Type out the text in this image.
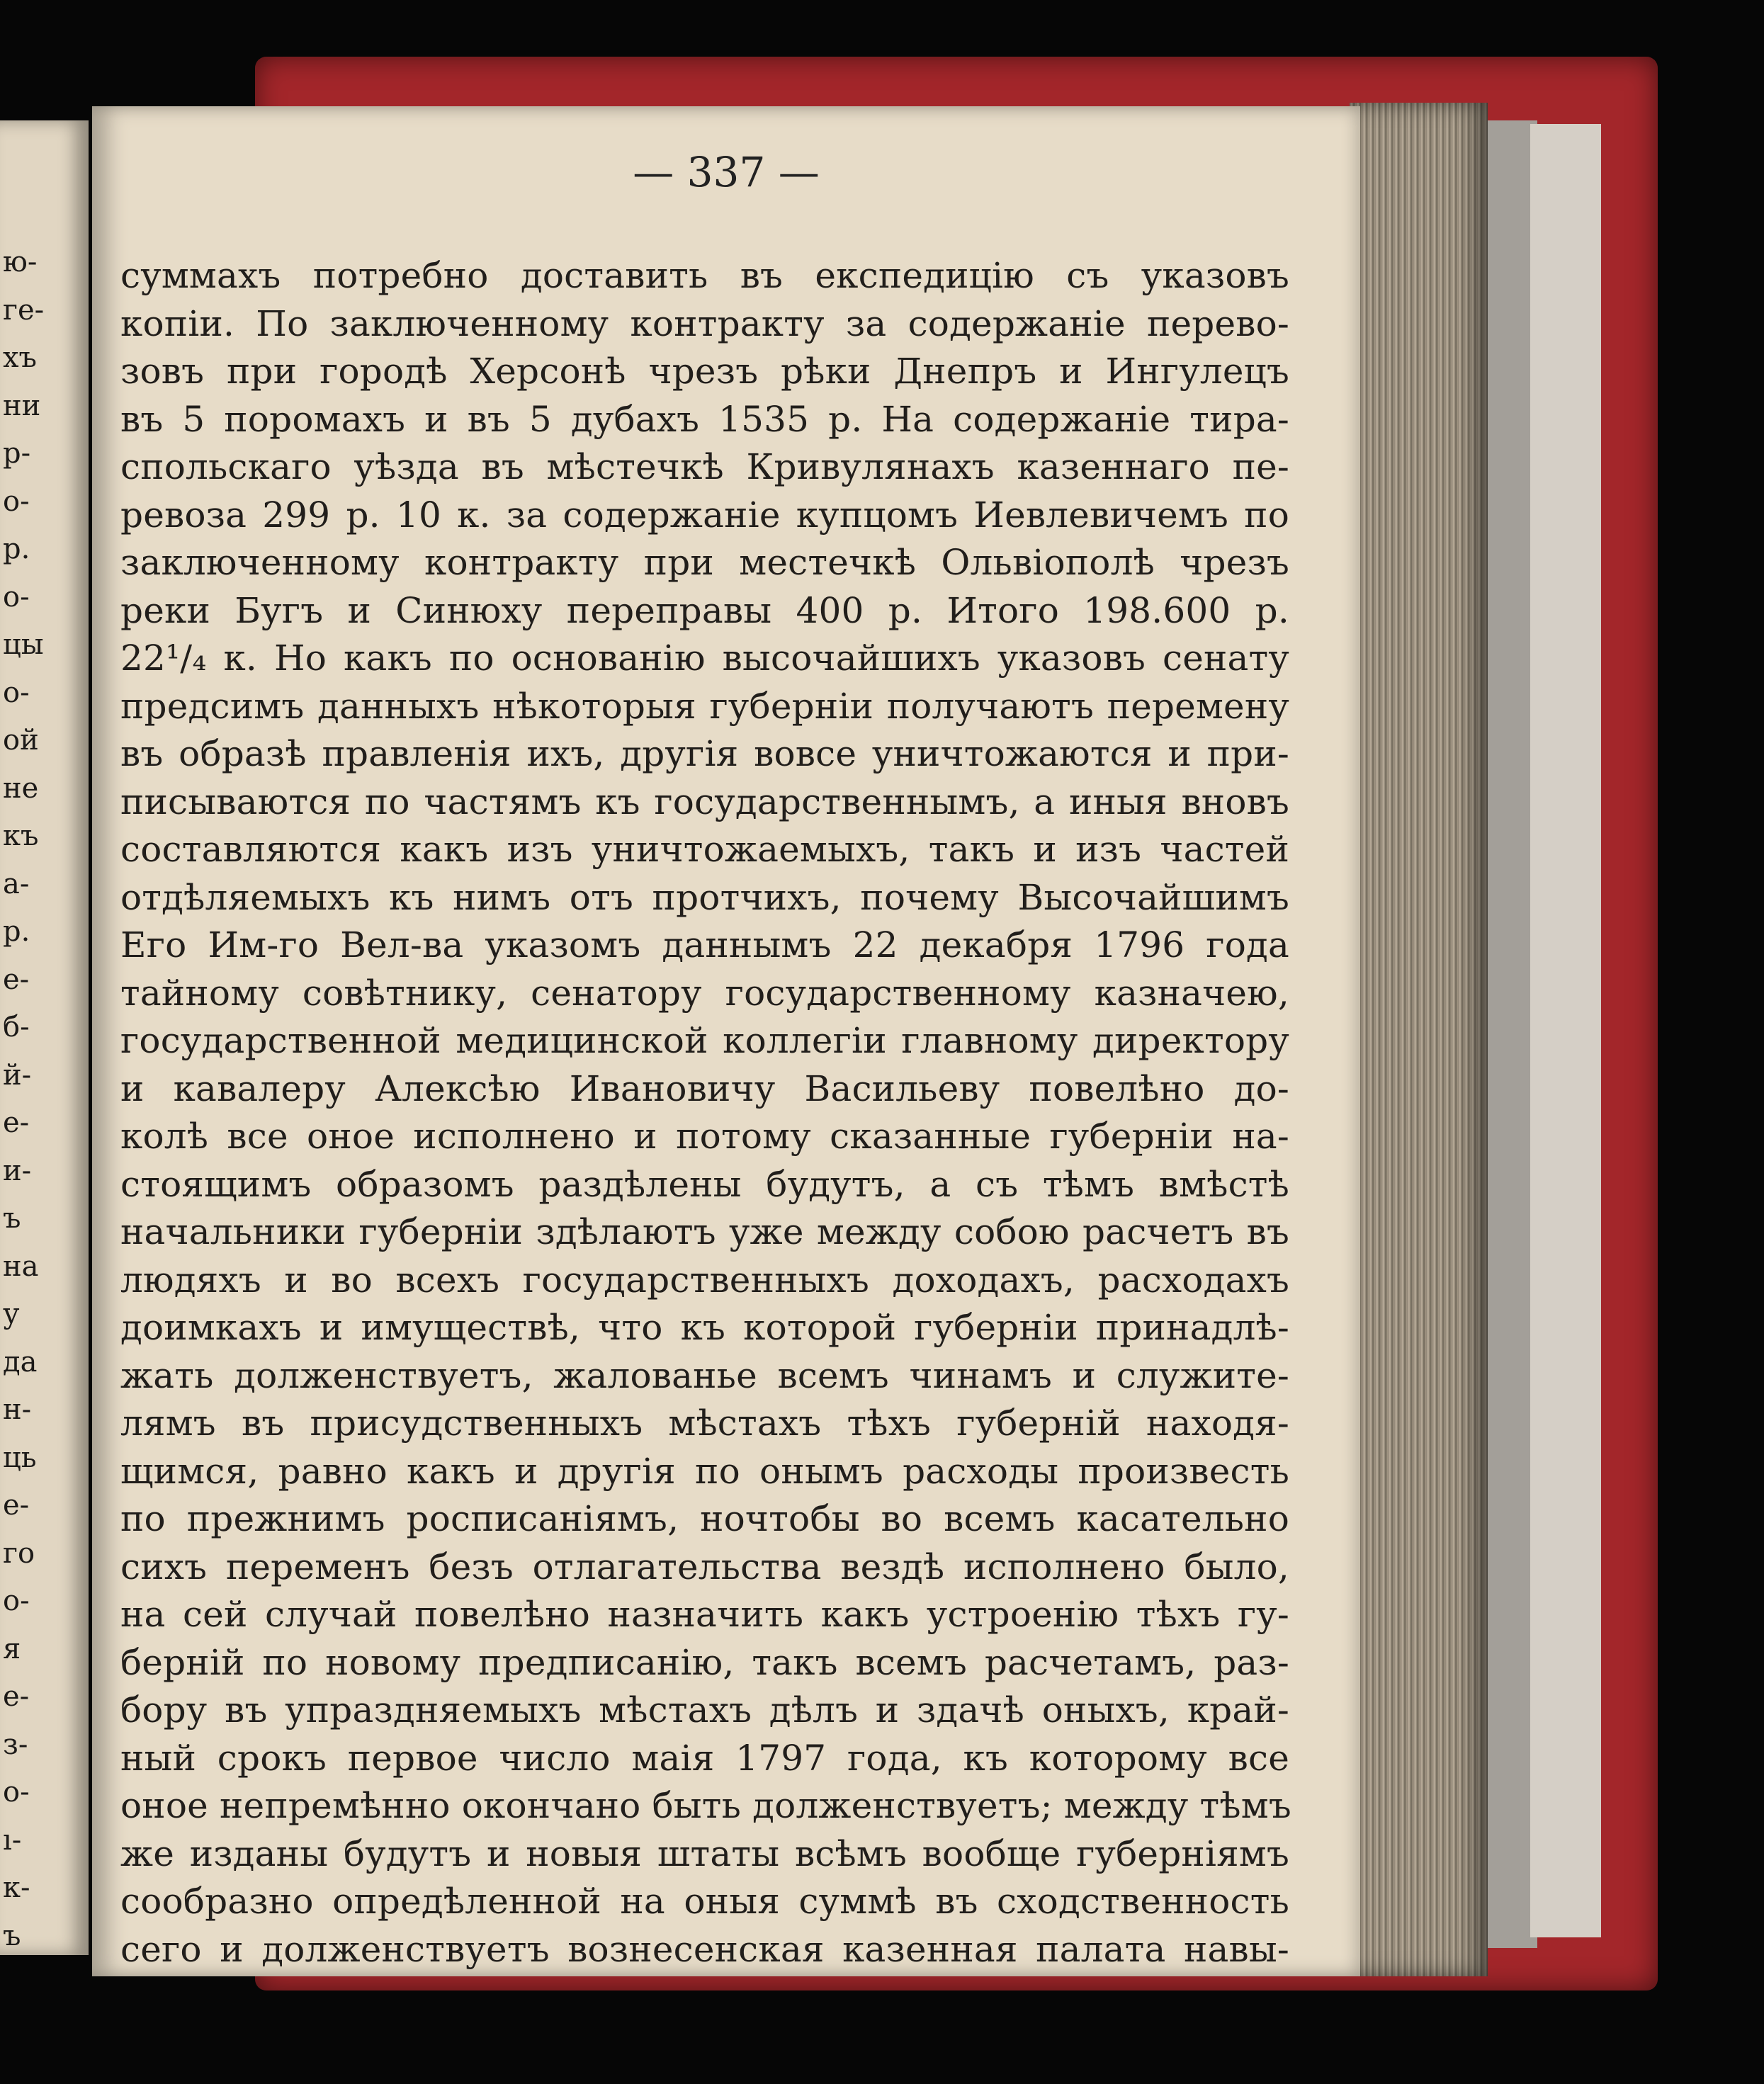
ю-
ге-
хъ
ни
р-
о-
р.
о-
цы
о-
ой
не
къ
а-
р.
е-
б-
й-
е-
и-
ъ
на
у
да
н-
ць
е-
го
о-
я
е-
з-
о-
ı-
к-
ъ
— 337 —
суммахъ потребно доставить въ експедицію съ указовъ
копіи. По заключенному контракту за содержаніе перево-
зовъ при городѣ Херсонѣ чрезъ рѣки Днепръ и Ингулецъ
въ 5 поромахъ и въ 5 дубахъ 1535 р. На содержаніе тира-
спольскаго уѣзда въ мѣстечкѣ Кривулянахъ казеннаго пе-
ревоза 299 р. 10 к. за содержаніе купцомъ Иевлевичемъ по
заключенному контракту при местечкѣ Ольвіополѣ чрезъ
реки Бугъ и Синюху переправы 400 р. Итого 198.600 р.
22¹/₄ к. Но какъ по основанію высочайшихъ указовъ сенату
предсимъ данныхъ нѣкоторыя губерніи получаютъ перемену
въ образѣ правленія ихъ, другія вовсе уничтожаются и при-
писываются по частямъ къ государственнымъ, а иныя вновъ
составляются какъ изъ уничтожаемыхъ, такъ и изъ частей
отдѣляемыхъ къ нимъ отъ протчихъ, почему Высочайшимъ
Его Им-го Вел-ва указомъ даннымъ 22 декабря 1796 года
тайному совѣтнику, сенатору государственному казначею,
государственной медицинской коллегіи главному директору
и кавалеру Алексѣю Ивановичу Васильеву повелѣно до-
колѣ все оное исполнено и потому сказанные губерніи на-
стоящимъ образомъ раздѣлены будутъ, а съ тѣмъ вмѣстѣ
начальники губерніи здѣлаютъ уже между собою расчетъ въ
людяхъ и во всехъ государственныхъ доходахъ, расходахъ
доимкахъ и имуществѣ, что къ которой губерніи принадлѣ-
жать долженствуетъ, жалованье всемъ чинамъ и служите-
лямъ въ присудственныхъ мѣстахъ тѣхъ губерній находя-
щимся, равно какъ и другія по онымъ расходы произвесть
по прежнимъ росписаніямъ, ночтобы во всемъ касательно
сихъ переменъ безъ отлагательства вездѣ исполнено было,
на сей случай повелѣно назначить какъ устроенію тѣхъ гу-
берній по новому предписанію, такъ всемъ расчетамъ, раз-
бору въ упраздняемыхъ мѣстахъ дѣлъ и здачѣ оныхъ, край-
ный срокъ первое число маія 1797 года, къ которому все
оное непремѣнно окончано быть долженствуетъ; между тѣмъ
же изданы будутъ и новыя штаты всѣмъ вообще губерніямъ
сообразно опредѣленной на оныя суммѣ въ сходственность
сего и долженствуетъ вознесенская казенная палата навы-
